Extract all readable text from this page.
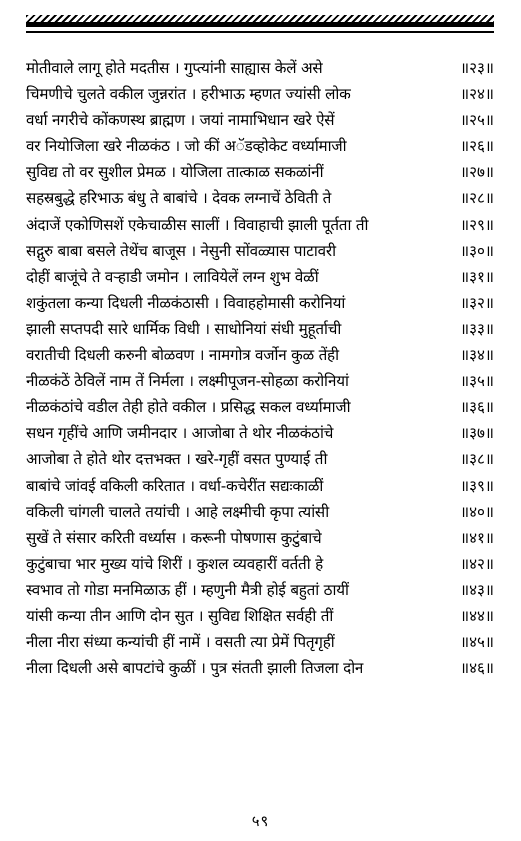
मोतीवाले लागू होते मदतीस । गुप्त्यांनी साह्यास केलें असे	॥२३॥
चिमणीचे चुलते वकील जुन्नरांत । हरीभाऊ म्हणत ज्यांसी लोक	॥२४॥
वर्धा नगरीचे कोंकणस्थ ब्राह्मण । जयां नामाभिधान खरे ऐसें	॥२५॥
वर नियोजिला खरे नीळकंठ । जो कीं अॅडव्होकेट वर्ध्यामाजी	॥२६॥
सुविद्य तो वर सुशील प्रेमळ । योजिला तात्काळ सकळांनीं	॥२७॥
सहस्रबुद्धे हरिभाऊ बंधु ते बाबांचे । देवक लग्नाचें ठेविती ते	॥२८॥
अंदाजें एकोणिसशें एकेचाळीस सालीं । विवाहाची झाली पूर्तता ती	॥२९॥
सद्गुरु बाबा बसले तेथेंच बाजूस । नेसुनी सोंवळ्यास पाटावरी	॥३०॥
दोहीं बाजूंचे ते वऱ्हाडी जमोन । लावियेलें लग्न शुभ वेळीं	॥३१॥
शकुंतला कन्या दिधली नीळकंठासी । विवाहहोमासी करोनियां	॥३२॥
झाली सप्तपदी सारे धार्मिक विधी । साधोनियां संधी मुहूर्ताची	॥३३॥
वरातीची दिधली करुनी बोळवण । नामगोत्र वर्जोन कुळ तेंही	॥३४॥
नीळकंठें ठेविलें नाम तें निर्मला । लक्ष्मीपूजन-सोहळा करोनियां	॥३५॥
नीळकंठांचे वडील तेही होते वकील । प्रसिद्ध सकल वर्ध्यामाजी	॥३६॥
सधन गृहींचे आणि जमीनदार । आजोबा ते थोर नीळकंठांचे	॥३७॥
आजोबा ते होते थोर दत्तभक्त । खरे-गृहीं वसत पुण्याई ती	॥३८॥
बाबांचे जांवई वकिली करितात । वर्धा-कचेरींत सद्यःकाळीं	॥३९॥
वकिली चांगली चालते तयांची । आहे लक्ष्मीची कृपा त्यांसी	॥४०॥
सुखें ते संसार करिती वर्ध्यास । करूनी पोषणास कुटुंबाचे	॥४१॥
कुटुंबाचा भार मुख्य यांचे शिरीं । कुशल व्यवहारीं वर्तती हे	॥४२॥
स्वभाव तो गोडा मनमिळाऊ हीं । म्हणुनी मैत्री होई बहुतां ठायीं	॥४३॥
यांसी कन्या तीन आणि दोन सुत । सुविद्य शिक्षित सर्वही तीं	॥४४॥
नीला नीरा संध्या कन्यांची हीं नामें । वसती त्या प्रेमें पितृगृहीं	॥४५॥
नीला दिधली असे बापटांचे कुळीं । पुत्र संतती झाली तिजला दोन	॥४६॥
५९
